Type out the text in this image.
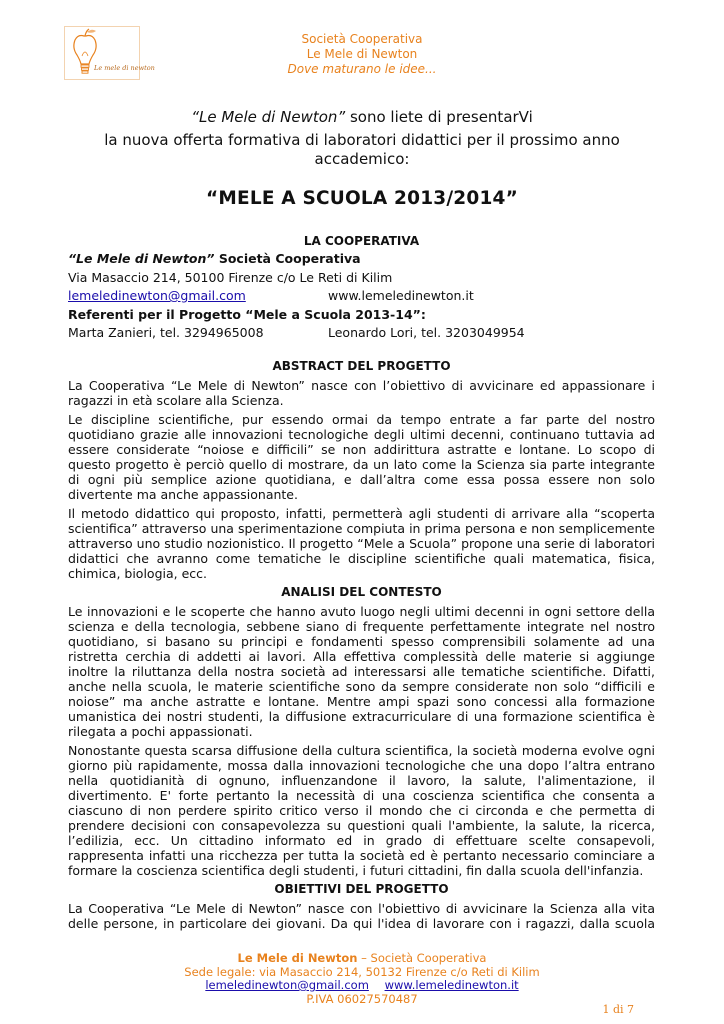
Le mele di newton
Società Cooperativa
Le Mele di Newton
Dove maturano le idee...

“Le Mele di Newton” sono liete di presentarVi

la nuova offerta formativa di laboratori didattici per il prossimo anno accademico:

“MELE A SCUOLA 2013/2014”

LA COOPERATIVA

“Le Mele di Newton” Società Cooperativa

Via Masaccio 214, 50100 Firenze c/o Le Reti di Kilim

lemeledinewton@gmail.com	www.lemeledinewton.it

Referenti per il Progetto “Mele a Scuola 2013-14”:

Marta Zanieri, tel. 3294965008	Leonardo Lori, tel. 3203049954

ABSTRACT DEL PROGETTO

La Cooperativa “Le Mele di Newton” nasce con l’obiettivo di avvicinare ed appassionare i ragazzi in età scolare alla Scienza.

Le discipline scientifiche, pur essendo ormai da tempo entrate a far parte del nostro quotidiano grazie alle innovazioni tecnologiche degli ultimi decenni, continuano tuttavia ad essere considerate “noiose e difficili” se non addirittura astratte e lontane. Lo scopo di questo progetto è perciò quello di mostrare, da un lato come la Scienza sia parte integrante di ogni più semplice azione quotidiana, e dall’altra come essa possa essere non solo divertente ma anche appassionante.

Il metodo didattico qui proposto, infatti, permetterà agli studenti di arrivare alla “scoperta scientifica” attraverso una sperimentazione compiuta in prima persona e non semplicemente attraverso uno studio nozionistico. Il progetto “Mele a Scuola” propone una serie di laboratori didattici che avranno come tematiche le discipline scientifiche quali matematica, fisica, chimica, biologia, ecc.

ANALISI DEL CONTESTO

Le innovazioni e le scoperte che hanno avuto luogo negli ultimi decenni in ogni settore della scienza e della tecnologia, sebbene siano di frequente perfettamente integrate nel nostro quotidiano, si basano su principi e fondamenti spesso comprensibili solamente ad una ristretta cerchia di addetti ai lavori. Alla effettiva complessità delle materie si aggiunge inoltre la riluttanza della nostra società ad interessarsi alle tematiche scientifiche. Difatti, anche nella scuola, le materie scientifiche sono da sempre considerate non solo “difficili e noiose” ma anche astratte e lontane. Mentre ampi spazi sono concessi alla formazione umanistica dei nostri studenti, la diffusione extracurriculare di una formazione scientifica è rilegata a pochi appassionati.

Nonostante questa scarsa diffusione della cultura scientifica, la società moderna evolve ogni giorno più rapidamente, mossa dalla innovazioni tecnologiche che una dopo l’altra entrano nella quotidianità di ognuno, influenzandone il lavoro, la salute, l'alimentazione, il divertimento. E' forte pertanto la necessità di una coscienza scientifica che consenta a ciascuno di non perdere spirito critico verso il mondo che ci circonda e che permetta di prendere decisioni con consapevolezza su questioni quali l'ambiente, la salute, la ricerca, l’edilizia, ecc. Un cittadino informato ed in grado di effettuare scelte consapevoli, rappresenta infatti una ricchezza per tutta la società ed è pertanto necessario cominciare a formare la coscienza scientifica degli studenti, i futuri cittadini, fin dalla scuola dell'infanzia.

OBIETTIVI DEL PROGETTO

La Cooperativa “Le Mele di Newton” nasce con l'obiettivo di avvicinare la Scienza alla vita delle persone, in particolare dei giovani. Da qui l'idea di lavorare con i ragazzi, dalla scuola

Le Mele di Newton – Società Cooperativa
Sede legale: via Masaccio 214, 50132 Firenze c/o Reti di Kilim
lemeledinewton@gmail.com www.lemeledinewton.it
P.IVA 06027570487
1 di 7
